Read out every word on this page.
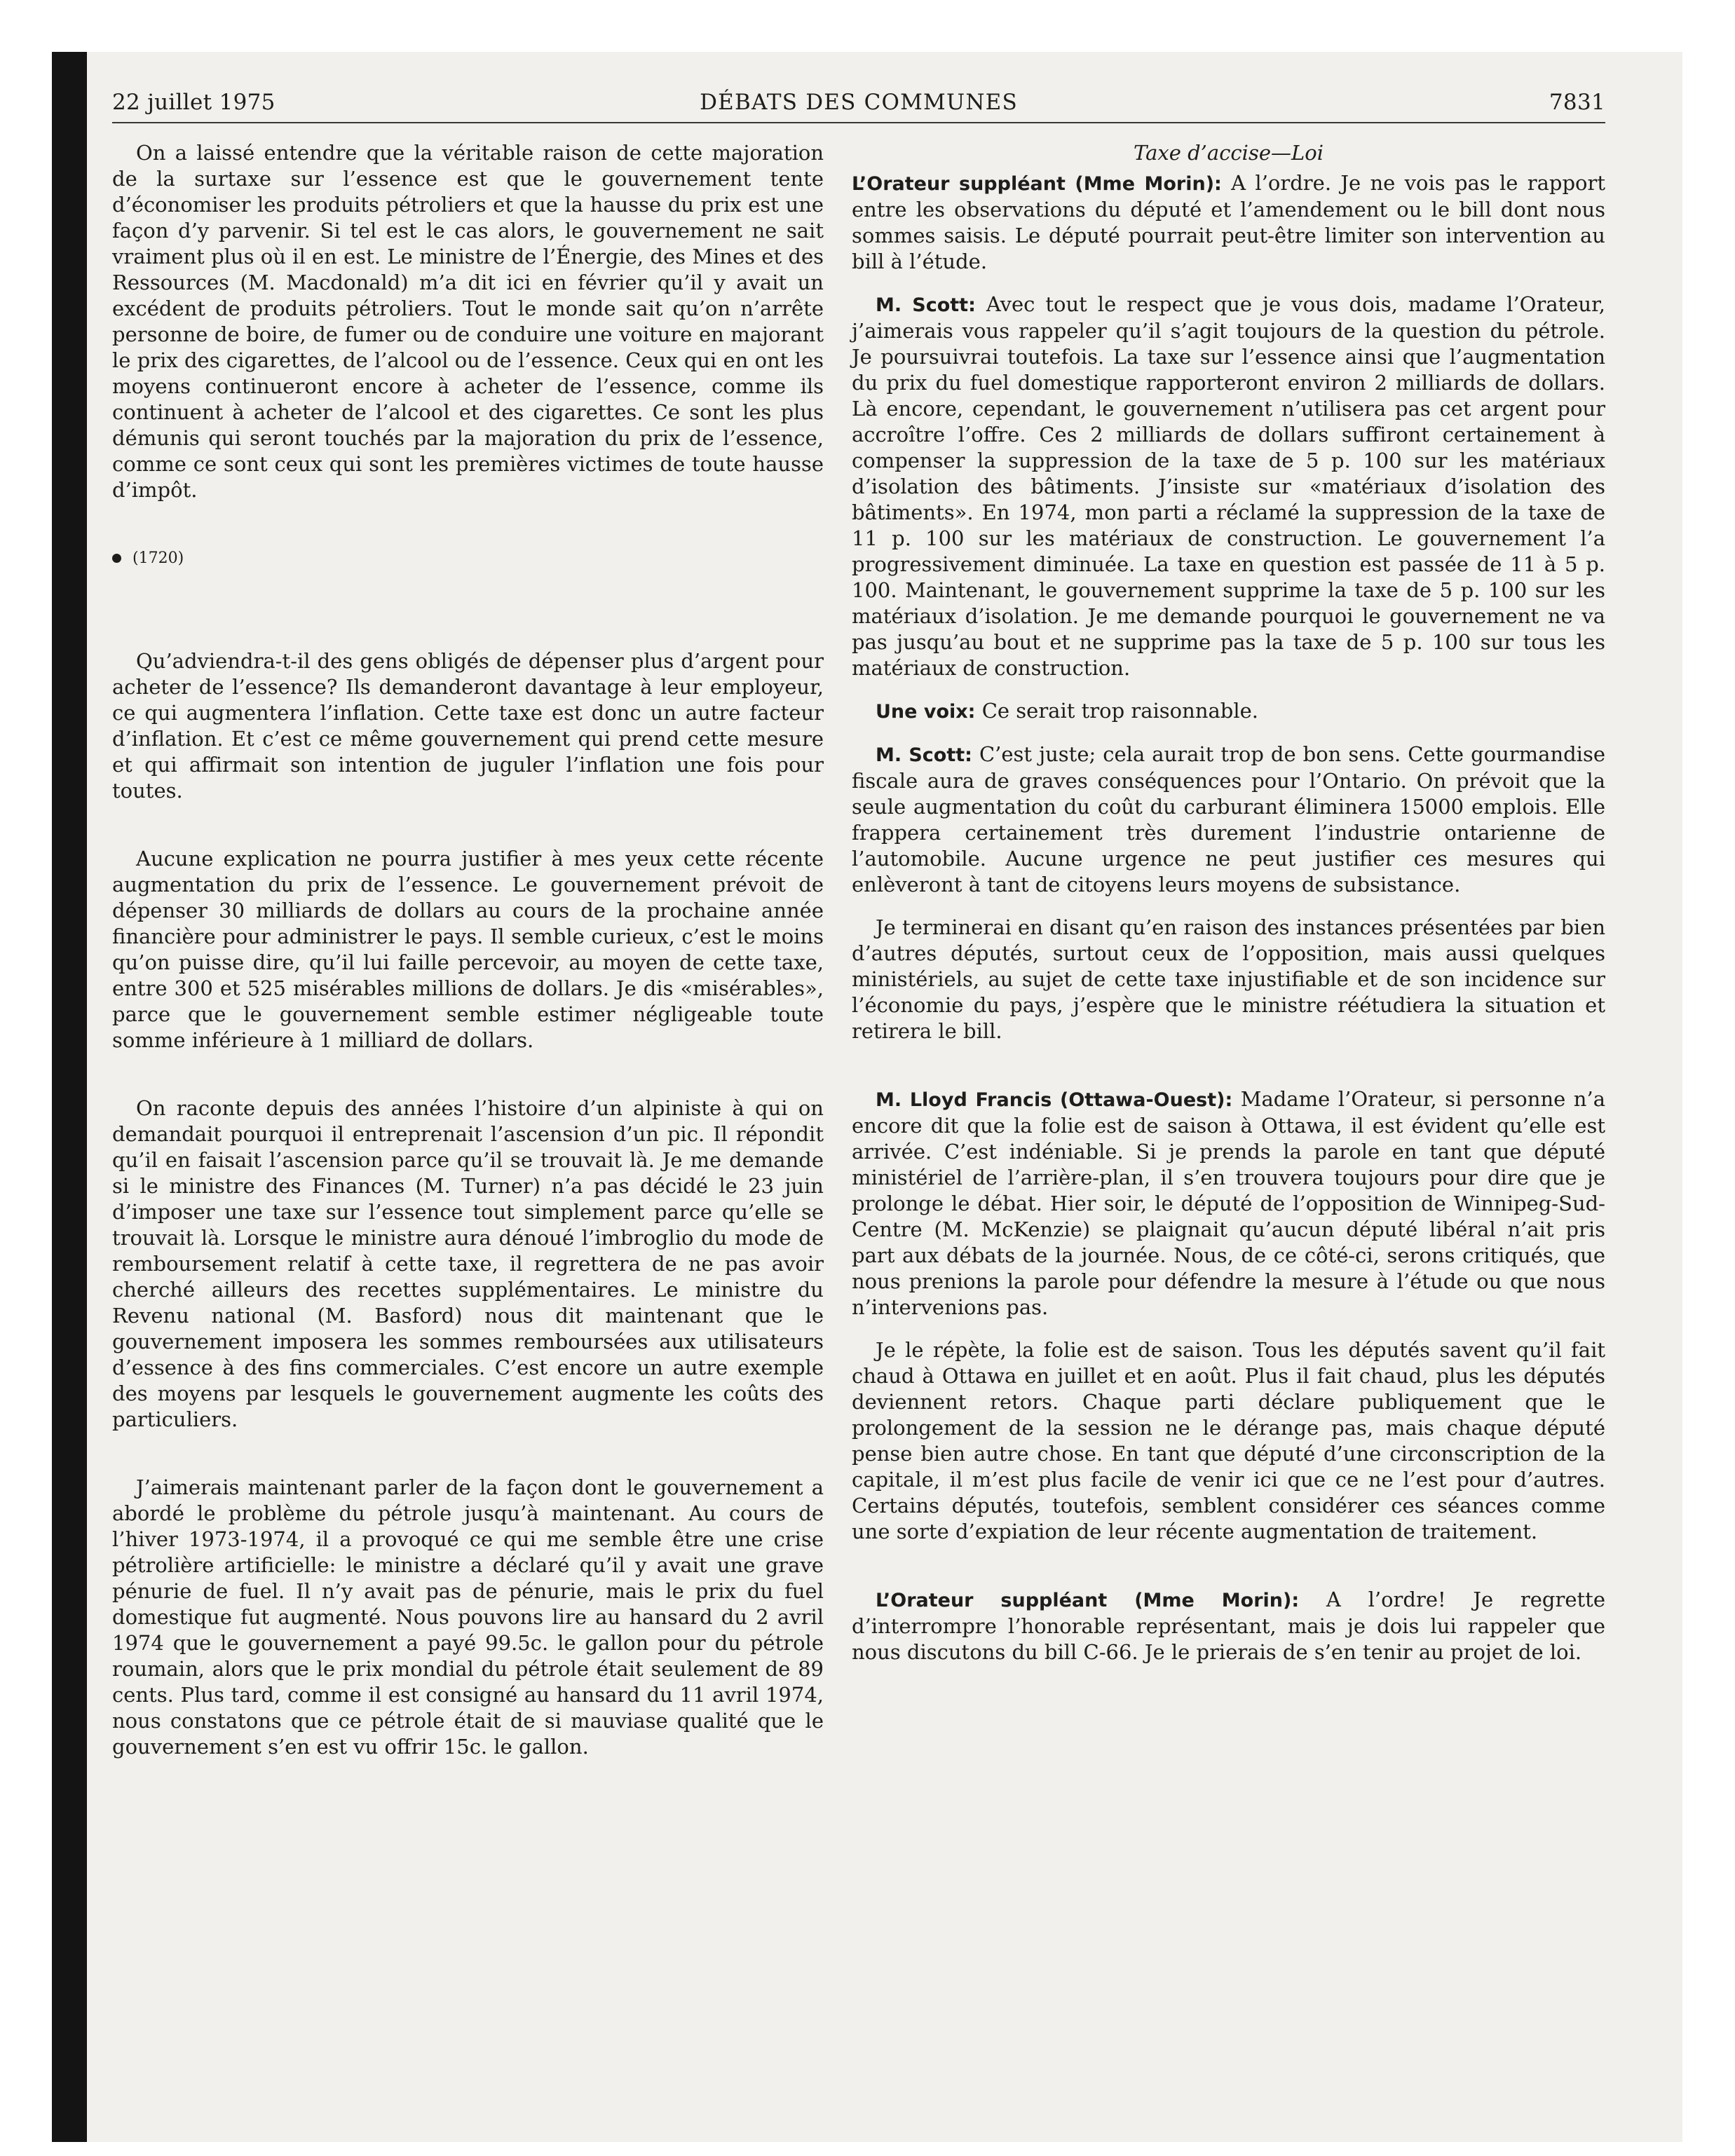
22 juillet 1975	DÉBATS DES COMMUNES	7831

On a laissé entendre que la véritable raison de cette majoration de la surtaxe sur l’essence est que le gouvernement tente d’économiser les produits pétroliers et que la hausse du prix est une façon d’y parvenir. Si tel est le cas alors, le gouvernement ne sait vraiment plus où il en est. Le ministre de l’Énergie, des Mines et des Ressources (M. Macdonald) m’a dit ici en février qu’il y avait un excédent de produits pétroliers. Tout le monde sait qu’on n’arrête personne de boire, de fumer ou de conduire une voiture en majorant le prix des cigarettes, de l’alcool ou de l’essence. Ceux qui en ont les moyens continueront encore à acheter de l’essence, comme ils continuent à acheter de l’alcool et des cigarettes. Ce sont les plus démunis qui seront touchés par la majoration du prix de l’essence, comme ce sont ceux qui sont les premières victimes de toute hausse d’impôt.

(1720)

Qu’adviendra-t-il des gens obligés de dépenser plus d’argent pour acheter de l’essence? Ils demanderont davantage à leur employeur, ce qui augmentera l’inflation. Cette taxe est donc un autre facteur d’inflation. Et c’est ce même gouvernement qui prend cette mesure et qui affirmait son intention de juguler l’inflation une fois pour toutes.

Aucune explication ne pourra justifier à mes yeux cette récente augmentation du prix de l’essence. Le gouvernement prévoit de dépenser 30 milliards de dollars au cours de la prochaine année financière pour administrer le pays. Il semble curieux, c’est le moins qu’on puisse dire, qu’il lui faille percevoir, au moyen de cette taxe, entre 300 et 525 misérables millions de dollars. Je dis «misérables», parce que le gouvernement semble estimer négligeable toute somme inférieure à 1 milliard de dollars.

On raconte depuis des années l’histoire d’un alpiniste à qui on demandait pourquoi il entreprenait l’ascension d’un pic. Il répondit qu’il en faisait l’ascension parce qu’il se trouvait là. Je me demande si le ministre des Finances (M. Turner) n’a pas décidé le 23 juin d’imposer une taxe sur l’essence tout simplement parce qu’elle se trouvait là. Lorsque le ministre aura dénoué l’imbroglio du mode de remboursement relatif à cette taxe, il regrettera de ne pas avoir cherché ailleurs des recettes supplémentaires. Le ministre du Revenu national (M. Basford) nous dit maintenant que le gouvernement imposera les sommes remboursées aux utilisateurs d’essence à des fins commerciales. C’est encore un autre exemple des moyens par lesquels le gouvernement augmente les coûts des particuliers.

J’aimerais maintenant parler de la façon dont le gouvernement a abordé le problème du pétrole jusqu’à maintenant. Au cours de l’hiver 1973-1974, il a provoqué ce qui me semble être une crise pétrolière artificielle: le ministre a déclaré qu’il y avait une grave pénurie de fuel. Il n’y avait pas de pénurie, mais le prix du fuel domestique fut augmenté. Nous pouvons lire au hansard du 2 avril 1974 que le gouvernement a payé 99.5c. le gallon pour du pétrole roumain, alors que le prix mondial du pétrole était seulement de 89 cents. Plus tard, comme il est consigné au hansard du 11 avril 1974, nous constatons que ce pétrole était de si mauviase qualité que le gouvernement s’en est vu offrir 15c. le gallon.

Taxe d’accise—Loi

L’Orateur suppléant (Mme Morin): A l’ordre. Je ne vois pas le rapport entre les observations du député et l’amendement ou le bill dont nous sommes saisis. Le député pourrait peut-être limiter son intervention au bill à l’étude.

M. Scott: Avec tout le respect que je vous dois, madame l’Orateur, j’aimerais vous rappeler qu’il s’agit toujours de la question du pétrole. Je poursuivrai toutefois. La taxe sur l’essence ainsi que l’augmentation du prix du fuel domestique rapporteront environ 2 milliards de dollars. Là encore, cependant, le gouvernement n’utilisera pas cet argent pour accroître l’offre. Ces 2 milliards de dollars suffiront certainement à compenser la suppression de la taxe de 5 p. 100 sur les matériaux d’isolation des bâtiments. J’insiste sur «matériaux d’isolation des bâtiments». En 1974, mon parti a réclamé la suppression de la taxe de 11 p. 100 sur les matériaux de construction. Le gouvernement l’a progressivement diminuée. La taxe en question est passée de 11 à 5 p. 100. Maintenant, le gouvernement supprime la taxe de 5 p. 100 sur les matériaux d’isolation. Je me demande pourquoi le gouvernement ne va pas jusqu’au bout et ne supprime pas la taxe de 5 p. 100 sur tous les matériaux de construction.

Une voix: Ce serait trop raisonnable.

M. Scott: C’est juste; cela aurait trop de bon sens. Cette gourmandise fiscale aura de graves conséquences pour l’Ontario. On prévoit que la seule augmentation du coût du carburant éliminera 15000 emplois. Elle frappera certainement très durement l’industrie ontarienne de l’automobile. Aucune urgence ne peut justifier ces mesures qui enlèveront à tant de citoyens leurs moyens de subsistance.

Je terminerai en disant qu’en raison des instances présentées par bien d’autres députés, surtout ceux de l’opposition, mais aussi quelques ministériels, au sujet de cette taxe injustifiable et de son incidence sur l’économie du pays, j’espère que le ministre réétudiera la situation et retirera le bill.

M. Lloyd Francis (Ottawa-Ouest): Madame l’Orateur, si personne n’a encore dit que la folie est de saison à Ottawa, il est évident qu’elle est arrivée. C’est indéniable. Si je prends la parole en tant que député ministériel de l’arrière-plan, il s’en trouvera toujours pour dire que je prolonge le débat. Hier soir, le député de l’opposition de Winnipeg-Sud-Centre (M. McKenzie) se plaignait qu’aucun député libéral n’ait pris part aux débats de la journée. Nous, de ce côté-ci, serons critiqués, que nous prenions la parole pour défendre la mesure à l’étude ou que nous n’intervenions pas.

Je le répète, la folie est de saison. Tous les députés savent qu’il fait chaud à Ottawa en juillet et en août. Plus il fait chaud, plus les députés deviennent retors. Chaque parti déclare publiquement que le prolongement de la session ne le dérange pas, mais chaque député pense bien autre chose. En tant que député d’une circonscription de la capitale, il m’est plus facile de venir ici que ce ne l’est pour d’autres. Certains députés, toutefois, semblent considérer ces séances comme une sorte d’expiation de leur récente augmentation de traitement.

L’Orateur suppléant (Mme Morin): A l’ordre! Je regrette d’interrompre l’honorable représentant, mais je dois lui rappeler que nous discutons du bill C-66. Je le prierais de s’en tenir au projet de loi.
